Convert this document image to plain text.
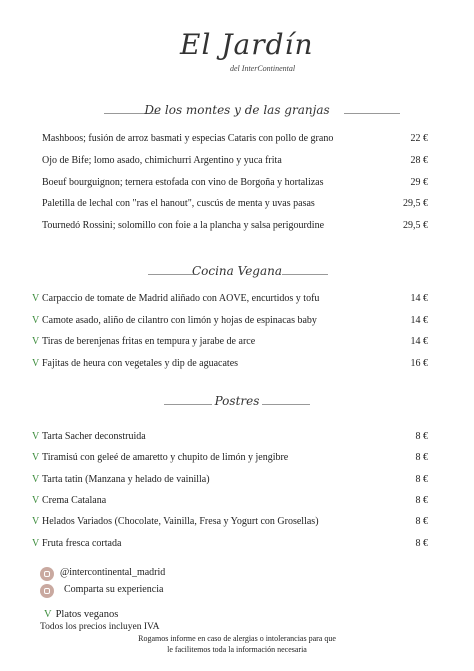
El Jardín
del InterContinental
De los montes y de las granjas
Mashboos; fusión de arroz basmati y especias Cataris con pollo de grano	22 €
Ojo de Bife; lomo asado, chimichurri Argentino y yuca frita	28 €
Boeuf bourguignon; ternera estofada con vino de Borgoña y hortalizas	29 €
Paletilla de lechal con "ras el hanout", cuscús de menta y uvas pasas	29,5 €
Tournedó Rossini; solomillo con foie a la plancha y salsa perigourdine	29,5 €
Cocina Vegana
V Carpaccio de tomate de Madrid aliñado con AOVE, encurtidos y tofu	14 €
V Camote asado, aliño de cilantro con limón y hojas de espinacas baby	14 €
V Tiras de berenjenas fritas en tempura y jarabe de arce	14 €
V Fajitas de heura con vegetales y dip de aguacates	16 €
Postres
V Tarta Sacher deconstruida	8 €
V Tiramisú con geleé de amaretto y chupito de limón y jengibre	8 €
V Tarta tatin (Manzana y helado de vainilla)	8 €
V Crema Catalana	8 €
V Helados Variados (Chocolate, Vainilla, Fresa y Yogurt con Grosellas)	8 €
V Fruta fresca cortada	8 €
@intercontinental_madrid
Comparta su experiencia
V Platos veganos
Todos los precios incluyen IVA
Rogamos informe en caso de alergias o intolerancias para que
le facilitemos toda la información necesaria
